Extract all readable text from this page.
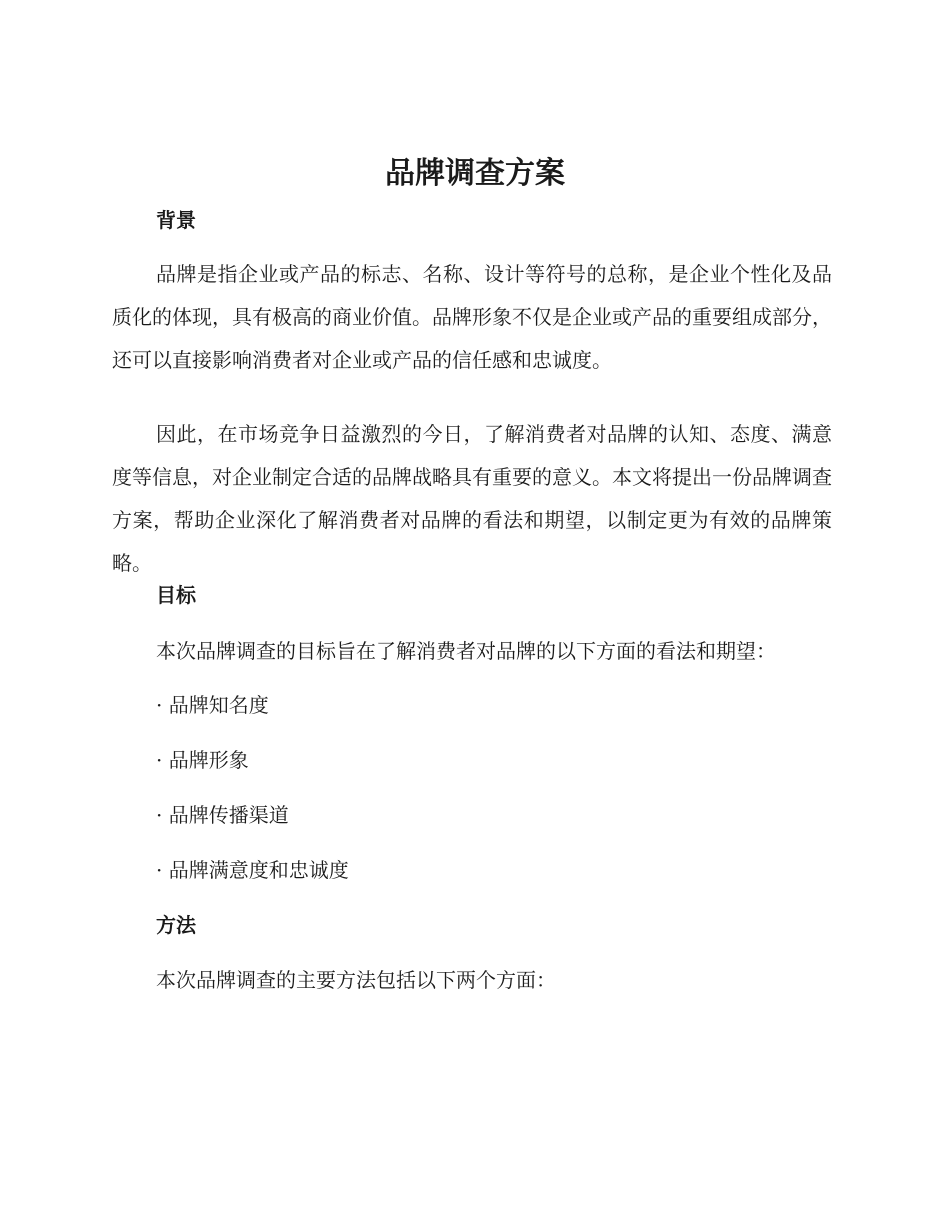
品牌调查方案
背景

品牌是指企业或产品的标志、名称、设计等符号的总称，是企业个性化及品质化的体现，具有极高的商业价值。品牌形象不仅是企业或产品的重要组成部分，还可以直接影响消费者对企业或产品的信任感和忠诚度。

因此，在市场竞争日益激烈的今日，了解消费者对品牌的认知、态度、满意度等信息，对企业制定合适的品牌战略具有重要的意义。本文将提出一份品牌调查方案，帮助企业深化了解消费者对品牌的看法和期望，以制定更为有效的品牌策略。

目标

本次品牌调查的目标旨在了解消费者对品牌的以下方面的看法和期望：

· 品牌知名度

· 品牌形象

· 品牌传播渠道

· 品牌满意度和忠诚度

方法

本次品牌调查的主要方法包括以下两个方面：
